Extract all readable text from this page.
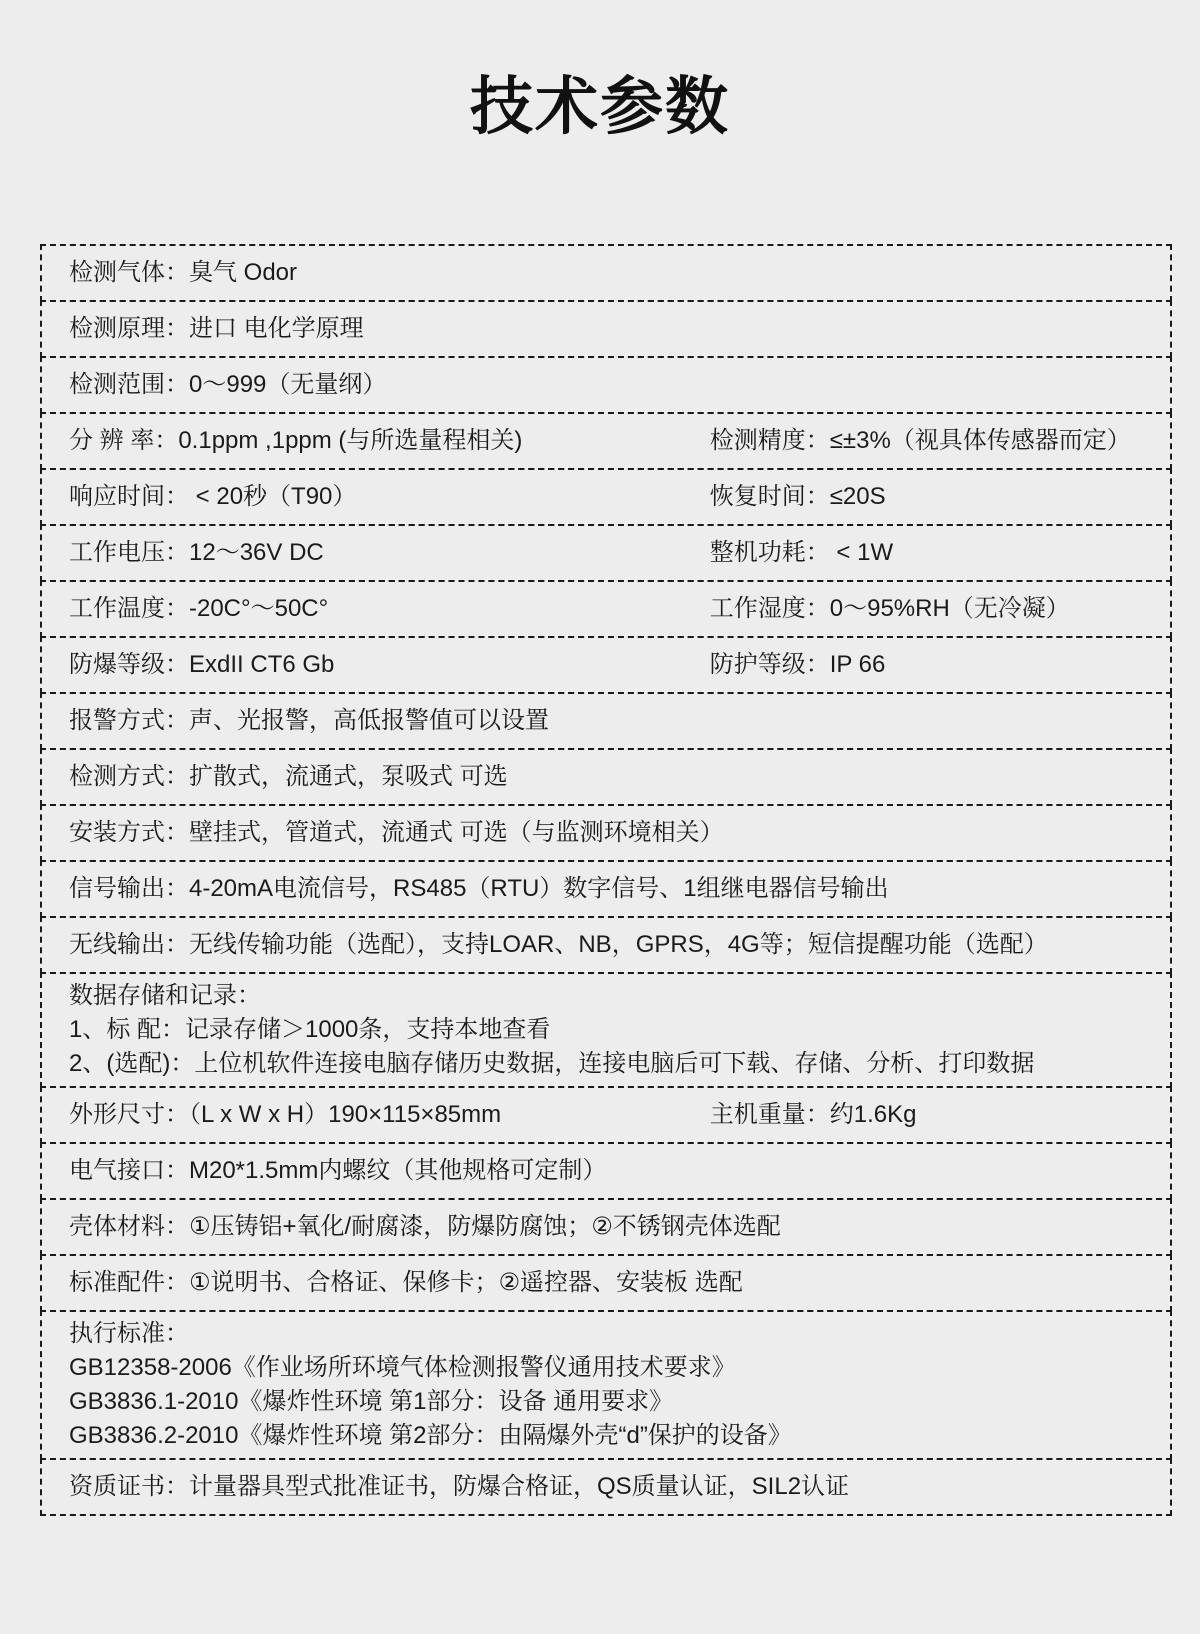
技术参数
检测气体：臭气 Odor
检测原理：进口 电化学原理
检测范围：0～999（无量纲）
分 辨 率：0.1ppm ,1ppm (与所选量程相关)	检测精度：≤±3%（视具体传感器而定）
响应时间： < 20秒（T90）	恢复时间：≤20S
工作电压：12～36V DC	整机功耗： < 1W
工作温度：-20C°～50C°	工作湿度：0～95%RH（无冷凝）
防爆等级：ExdII CT6 Gb	防护等级：IP 66
报警方式：声、光报警，高低报警值可以设置
检测方式：扩散式，流通式，泵吸式 可选
安装方式：壁挂式，管道式，流通式 可选（与监测环境相关）
信号输出：4-20mA电流信号，RS485（RTU）数字信号、1组继电器信号输出
无线输出：无线传输功能（选配），支持LOAR、NB，GPRS，4G等；短信提醒功能（选配）
数据存储和记录：
1、标 配：记录存储＞1000条，支持本地查看
2、(选配)：上位机软件连接电脑存储历史数据，连接电脑后可下载、存储、分析、打印数据
外形尺寸：（L x W x H）190×115×85mm	主机重量：约1.6Kg
电气接口：M20*1.5mm内螺纹（其他规格可定制）
壳体材料：①压铸铝+氧化/耐腐漆，防爆防腐蚀；②不锈钢壳体选配
标准配件：①说明书、合格证、保修卡；②遥控器、安装板 选配
执行标准：
GB12358-2006《作业场所环境气体检测报警仪通用技术要求》
GB3836.1-2010《爆炸性环境 第1部分：设备 通用要求》
GB3836.2-2010《爆炸性环境 第2部分：由隔爆外壳“d”保护的设备》
资质证书：计量器具型式批准证书，防爆合格证，QS质量认证，SIL2认证
